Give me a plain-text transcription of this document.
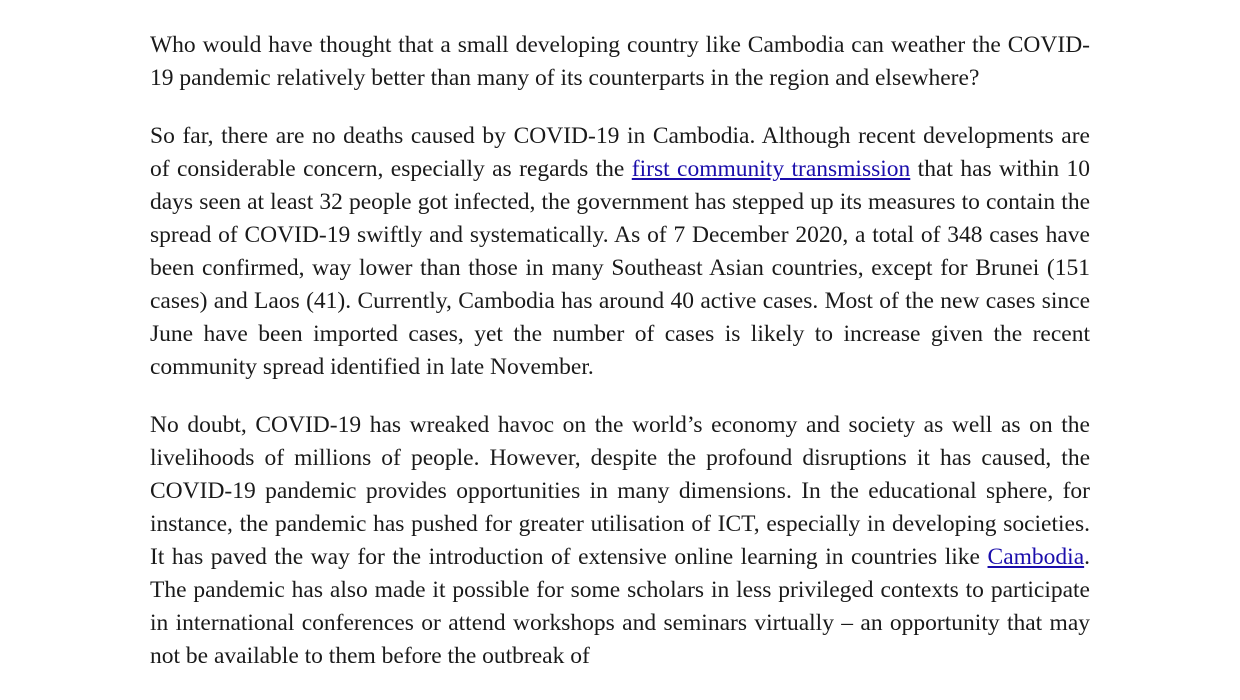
Who would have thought that a small developing country like Cambodia can weather the COVID-19 pandemic relatively better than many of its counterparts in the region and elsewhere?

So far, there are no deaths caused by COVID-19 in Cambodia. Although recent developments are of considerable concern, especially as regards the first community transmission that has within 10 days seen at least 32 people got infected, the government has stepped up its measures to contain the spread of COVID-19 swiftly and systematically. As of 7 December 2020, a total of 348 cases have been confirmed, way lower than those in many Southeast Asian countries, except for Brunei (151 cases) and Laos (41). Currently, Cambodia has around 40 active cases. Most of the new cases since June have been imported cases, yet the number of cases is likely to increase given the recent community spread identified in late November.

No doubt, COVID-19 has wreaked havoc on the world’s economy and society as well as on the livelihoods of millions of people. However, despite the profound disruptions it has caused, the COVID-19 pandemic provides opportunities in many dimensions. In the educational sphere, for instance, the pandemic has pushed for greater utilisation of ICT, especially in developing societies. It has paved the way for the introduction of extensive online learning in countries like Cambodia. The pandemic has also made it possible for some scholars in less privileged contexts to participate in international conferences or attend workshops and seminars virtually – an opportunity that may not be available to them before the outbreak of
